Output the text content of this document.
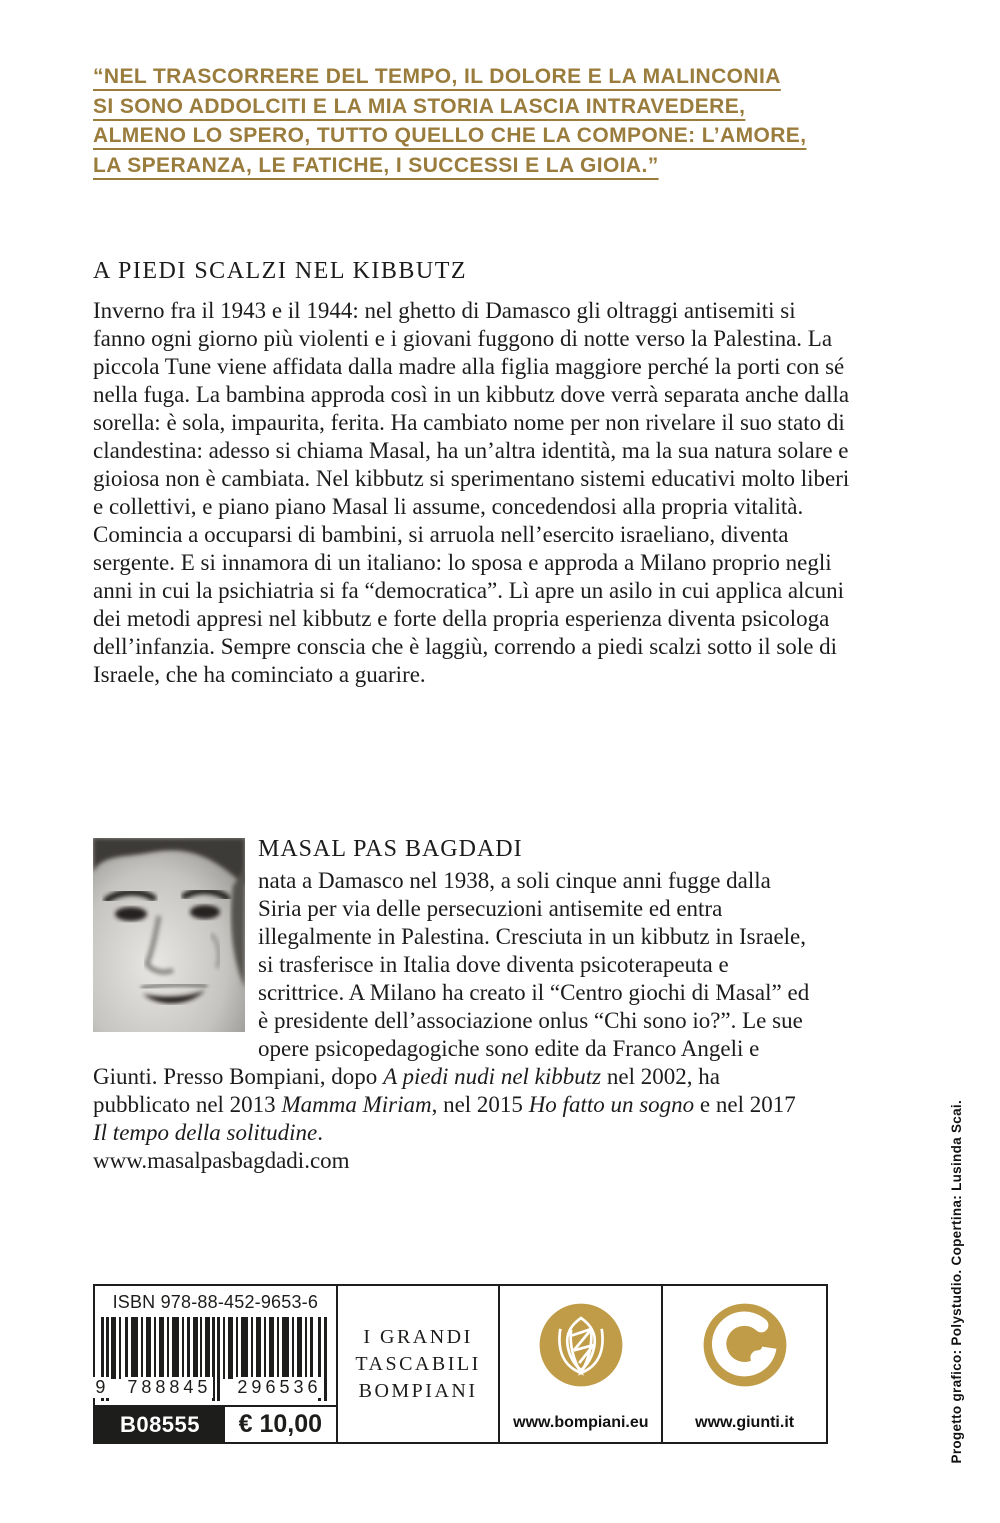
“NEL TRASCORRERE DEL TEMPO, IL DOLORE E LA MALINCONIA
SI SONO ADDOLCITI E LA MIA STORIA LASCIA INTRAVEDERE,
ALMENO LO SPERO, TUTTO QUELLO CHE LA COMPONE: L’AMORE,
LA SPERANZA, LE FATICHE, I SUCCESSI E LA GIOIA.”
A PIEDI SCALZI NEL KIBBUTZ

Inverno fra il 1943 e il 1944: nel ghetto di Damasco gli oltraggi antisemiti si fanno ogni giorno più violenti e i giovani fuggono di notte verso la Palestina. La piccola Tune viene affidata dalla madre alla figlia maggiore perché la porti con sé nella fuga. La bambina approda così in un kibbutz dove verrà separata anche dalla sorella: è sola, impaurita, ferita. Ha cambiato nome per non rivelare il suo stato di clandestina: adesso si chiama Masal, ha un’altra identità, ma la sua natura solare e gioiosa non è cambiata. Nel kibbutz si sperimentano sistemi educativi molto liberi e collettivi, e piano piano Masal li assume, concedendosi alla propria vitalità. Comincia a occuparsi di bambini, si arruola nell’esercito israeliano, diventa sergente. E si innamora di un italiano: lo sposa e approda a Milano proprio negli anni in cui la psichiatria si fa “democratica”. Lì apre un asilo in cui applica alcuni dei metodi appresi nel kibbutz e forte della propria esperienza diventa psicologa dell’infanzia. Sempre conscia che è laggiù, correndo a piedi scalzi sotto il sole di Israele, che ha cominciato a guarire.

MASAL PAS BAGDADI

nata a Damasco nel 1938, a soli cinque anni fugge dalla Siria per via delle persecuzioni antisemite ed entra illegalmente in Palestina. Cresciuta in un kibbutz in Israele, si trasferisce in Italia dove diventa psicoterapeuta e scrittrice. A Milano ha creato il “Centro giochi di Masal” ed è presidente dell’associazione onlus “Chi sono io?”. Le sue opere psicopedagogiche sono edite da Franco Angeli e Giunti. Presso Bompiani, dopo A piedi nudi nel kibbutz nel 2002, ha pubblicato nel 2013 Mamma Miriam, nel 2015 Ho fatto un sogno e nel 2017 Il tempo della solitudine.
www.masalpasbagdadi.com

ISBN 978-88-452-9653-6
9 788845 296536
B08555	€ 10,00
I GRANDI
TASCABILI
BOMPIANI
www.bompiani.eu	www.giunti.it	Progetto grafico: Polystudio. Copertina: Lusinda Scai.
